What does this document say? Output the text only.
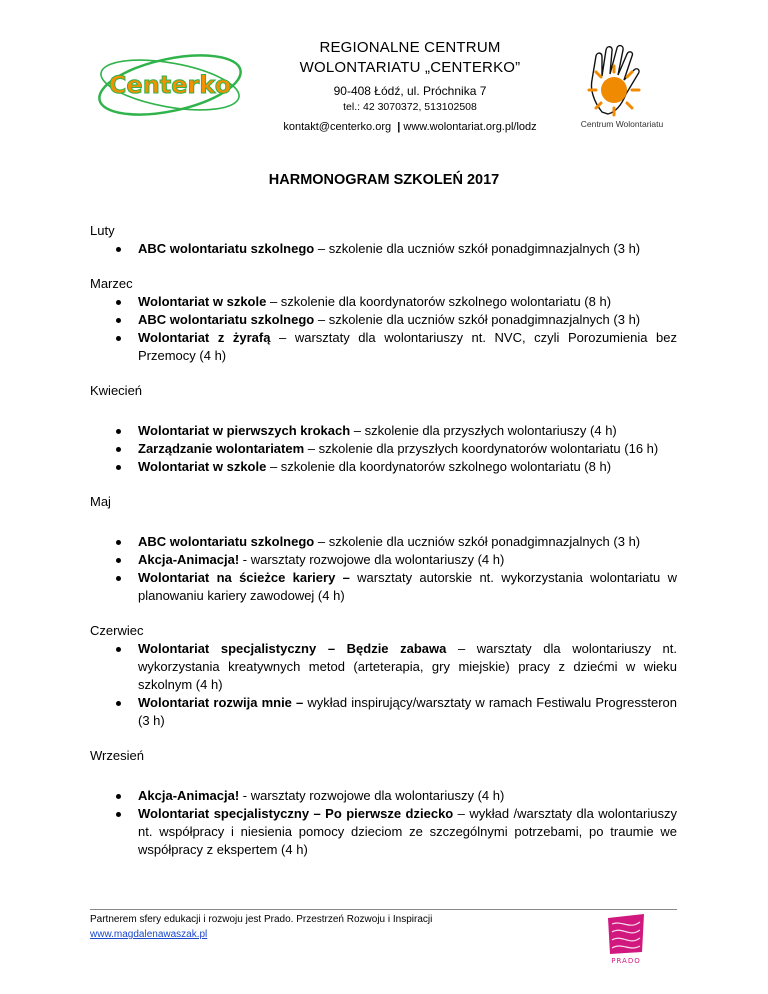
Centerko
REGIONALNE CENTRUM
WOLONTARIATU „CENTERKO”
90-408 Łódź, ul. Próchnika 7
tel.: 42 3070372, 513102508
kontakt@centerko.org | www.wolontariat.org.pl/lodz	Centrum Wolontariatu
HARMONOGRAM SZKOLEŃ 2017
Luty
ABC wolontariatu szkolnego – szkolenie dla uczniów szkół ponadgimnazjalnych (3 h)
Marzec
Wolontariat w szkole – szkolenie dla koordynatorów szkolnego wolontariatu (8 h)
ABC wolontariatu szkolnego – szkolenie dla uczniów szkół ponadgimnazjalnych (3 h)
Wolontariat z żyrafą – warsztaty dla wolontariuszy nt. NVC, czyli Porozumienia bez Przemocy (4 h)
Kwiecień
Wolontariat w pierwszych krokach – szkolenie dla przyszłych wolontariuszy (4 h)
Zarządzanie wolontariatem – szkolenie dla przyszłych koordynatorów wolontariatu (16 h)
Wolontariat w szkole – szkolenie dla koordynatorów szkolnego wolontariatu (8 h)
Maj
ABC wolontariatu szkolnego – szkolenie dla uczniów szkół ponadgimnazjalnych (3 h)
Akcja-Animacja! - warsztaty rozwojowe dla wolontariuszy (4 h)
Wolontariat na ścieżce kariery – warsztaty autorskie nt. wykorzystania wolontariatu w planowaniu kariery zawodowej (4 h)
Czerwiec
Wolontariat specjalistyczny – Będzie zabawa – warsztaty dla wolontariuszy nt. wykorzystania kreatywnych metod (arteterapia, gry miejskie) pracy z dziećmi w wieku szkolnym (4 h)
Wolontariat rozwija mnie – wykład inspirujący/warsztaty w ramach Festiwalu Progressteron (3 h)
Wrzesień
Akcja-Animacja! - warsztaty rozwojowe dla wolontariuszy (4 h)
Wolontariat specjalistyczny – Po pierwsze dziecko – wykład /warsztaty dla wolontariuszy nt. współpracy i niesienia pomocy dzieciom ze szczególnymi potrzebami, po traumie we współpracy z ekspertem (4 h)
Partnerem sfery edukacji i rozwoju jest Prado. Przestrzeń Rozwoju i Inspiracji
www.magdalenawaszak.pl
PRADO
